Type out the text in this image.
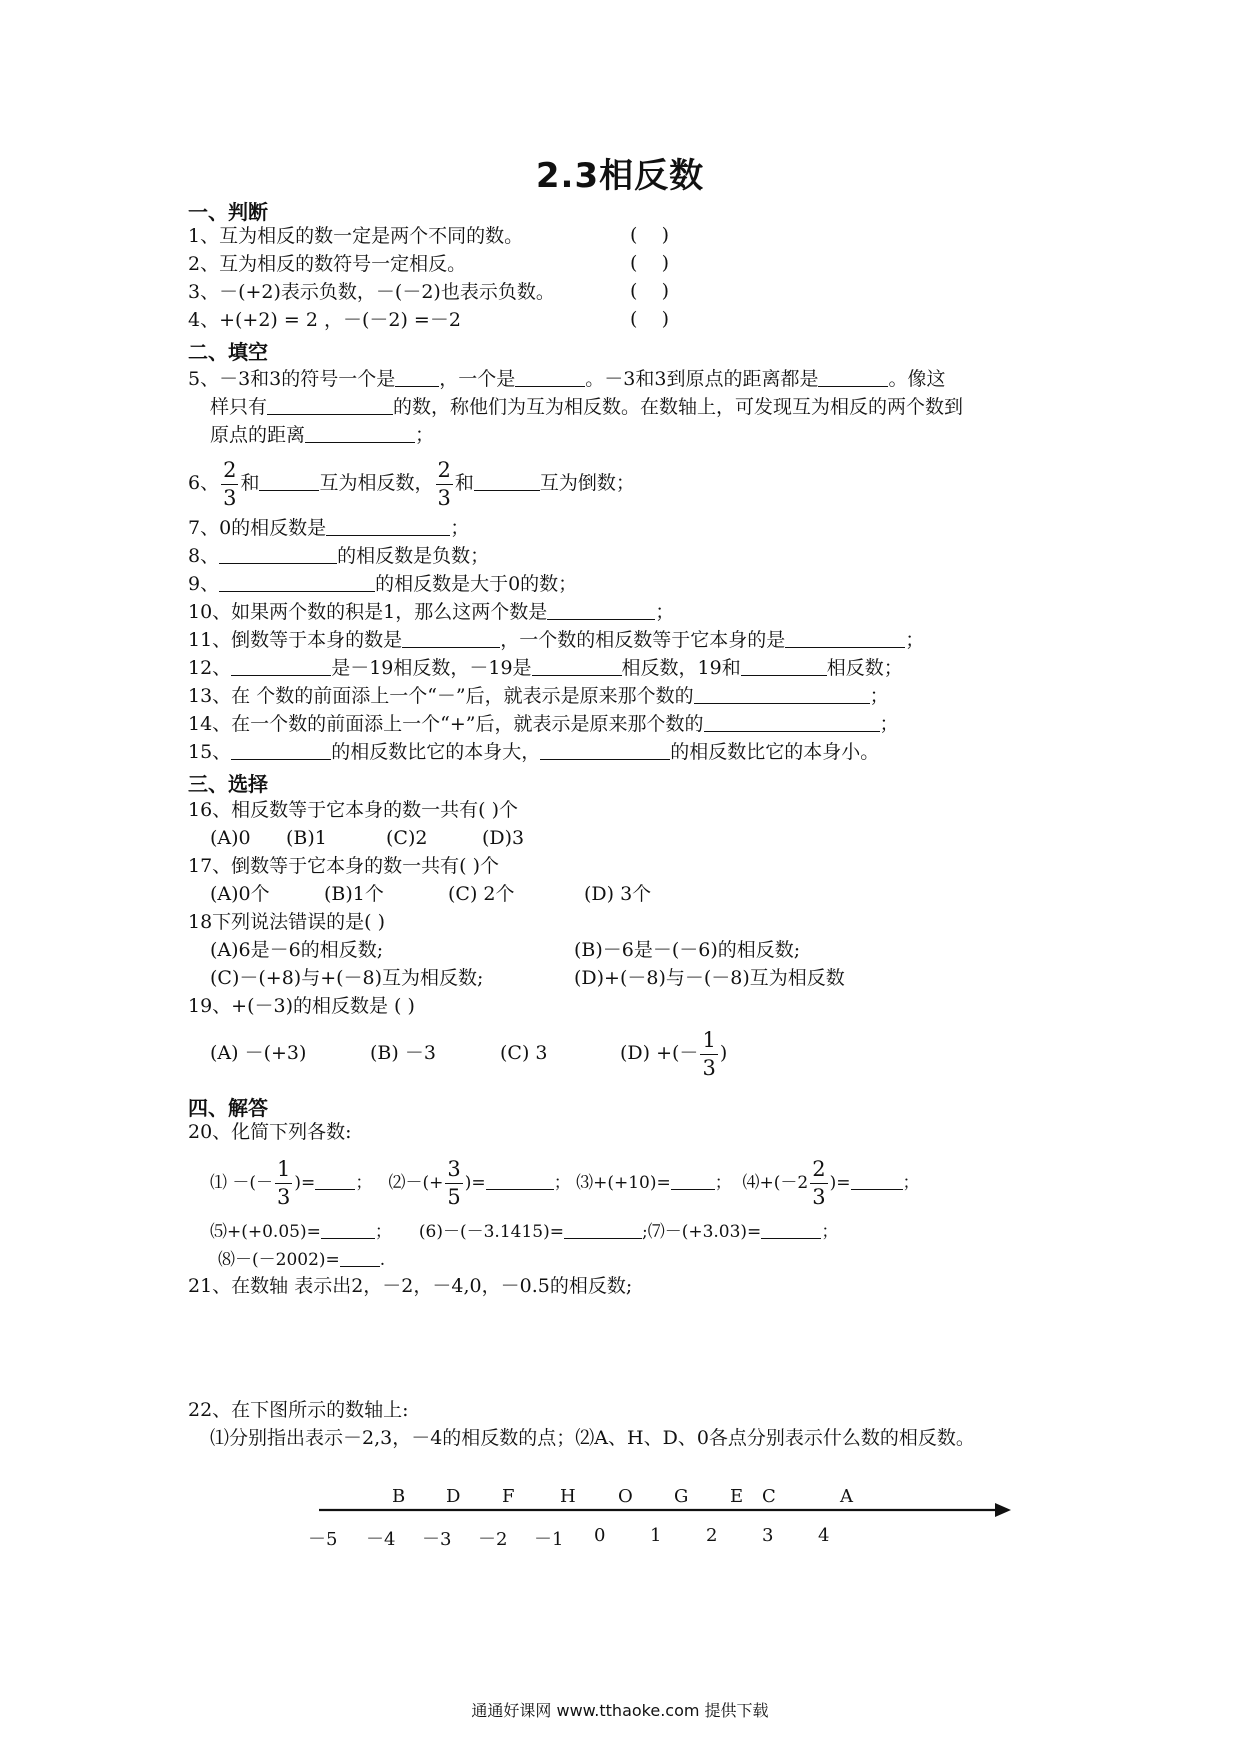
2.3相反数
一、判断
1、互为相反的数一定是两个不同的数。	(    )
2、互为相反的数符号一定相反。	(    )
3、－(+2)表示负数，－(－2)也表示负数。	(    )
4、+(+2) = 2 ，－(－2) =－2	(    )
二、填空
5、－3和3的符号一个是 ，一个是	。－3和3到原点的距离都是	。像这
样只有	的数，称他们为互为相反数。在数轴上，可发现互为相反的两个数到
原点的距离	；
6、 $\frac{2}{3}$ 和	互为相反数， $\frac{2}{3}$ 和	互为倒数；
7、0的相反数是	；
8、	的相反数是负数；
9、	的相反数是大于0的数；
10、如果两个数的积是1，那么这两个数是	；
11、倒数等于本身的数是	，一个数的相反数等于它本身的是	；
12、	是－19相反数，－19是	相反数，19和	相反数；
13、在 个数的前面添上一个“－”后，就表示是原来那个数的	；
14、在一个数的前面添上一个“+”后，就表示是原来那个数的	；
15、	的相反数比它的本身大，	的相反数比它的本身小。
三、选择
16、相反数等于它本身的数一共有( )个
(A)0 (B)1	(C)2	(D)3
17、倒数等于它本身的数一共有( )个
(A)0个	(B)1个	(C) 2个	(D) 3个
18下列说法错误的是( )
(A)6是－6的相反数;	(B)－6是－(－6)的相反数;
(C)－(+8)与+(－8)互为相反数;	(D)+(－8)与－(－8)互为相反数
19、+(－3)的相反数是 ( )
(A) －(+3)	(B) －3	(C) 3	(D) +(－ $\frac{1}{3}$ )
四、解答
20、化简下列各数:
⑴ －(－ $\frac{1}{3}$ )= ； ⑵－(+ $\frac{3}{5}$ )=	； ⑶+(+10)=	； ⑷+(－2 $\frac{2}{3}$ )=	；
⑸+(+0.05)=	； (6)－(－3.1415)=	;⑺－(+3.03)=	；
⑻－(－2002)= .
21、在数轴 表示出2，－2，－4,0，－0.5的相反数;
22、在下图所示的数轴上:
⑴分别指出表示－2,3，－4的相反数的点；⑵A、H、D、0各点分别表示什么数的相反数。
－5 －4 －3 －2 －1 0 1 2 3 4
B D F	H O G E C	A
通通好课网 www.tthaoke.com 提供下载
